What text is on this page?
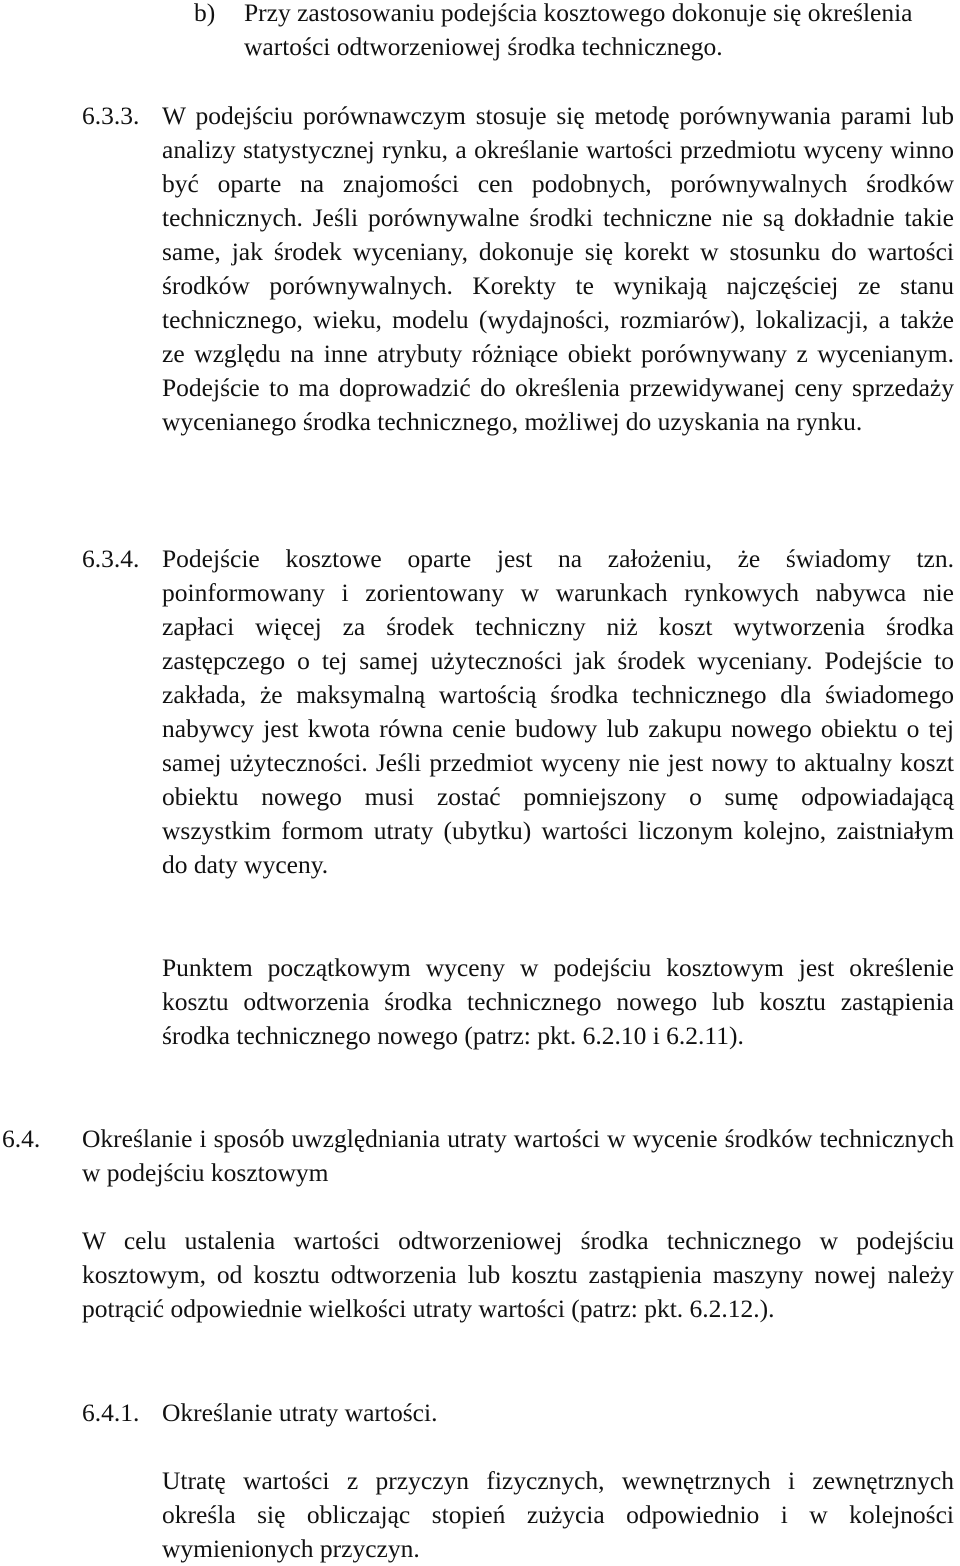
b) Przy zastosowaniu podejścia kosztowego dokonuje się określenia wartości odtworzeniowej środka technicznego.
6.3.3. W podejściu porównawczym stosuje się metodę porównywania parami lub analizy statystycznej rynku, a określanie wartości przedmiotu wyceny winno być oparte na znajomości cen podobnych, porównywalnych środków technicznych. Jeśli porównywalne środki techniczne nie są dokładnie takie same, jak środek wyceniany, dokonuje się korekt w stosunku do wartości środków porównywalnych. Korekty te wynikają najczęściej ze stanu technicznego, wieku, modelu (wydajności, rozmiarów), lokalizacji, a także ze względu na inne atrybuty różniące obiekt porównywany z wycenianym. Podejście to ma doprowadzić do określenia przewidywanej ceny sprzedaży wycenianego środka technicznego, możliwej do uzyskania na rynku.
6.3.4. Podejście kosztowe oparte jest na założeniu, że świadomy tzn.
poinformowany i zorientowany w warunkach rynkowych nabywca nie zapłaci więcej za środek techniczny niż koszt wytworzenia środka zastępczego o tej samej użyteczności jak środek wyceniany. Podejście to zakłada, że maksymalną wartością środka technicznego dla świadomego nabywcy jest kwota równa cenie budowy lub zakupu nowego obiektu o tej samej użyteczności. Jeśli przedmiot wyceny nie jest nowy to aktualny koszt obiektu nowego musi zostać pomniejszony o sumę odpowiadającą wszystkim formom utraty (ubytku) wartości liczonym kolejno, zaistniałym do daty wyceny.
Punktem początkowym wyceny w podejściu kosztowym jest określenie kosztu odtworzenia środka technicznego nowego lub kosztu zastąpienia środka technicznego nowego (patrz: pkt. 6.2.10 i 6.2.11).
6.4. Określanie i sposób uwzględniania utraty wartości w wycenie środków technicznych w podejściu kosztowym
W celu ustalenia wartości odtworzeniowej środka technicznego w podejściu kosztowym, od kosztu odtworzenia lub kosztu zastąpienia maszyny nowej należy potrącić odpowiednie wielkości utraty wartości (patrz: pkt. 6.2.12.).
6.4.1. Określanie utraty wartości.
Utratę wartości z przyczyn fizycznych, wewnętrznych i zewnętrznych określa się obliczając stopień zużycia odpowiednio i w kolejności wymienionych przyczyn.
